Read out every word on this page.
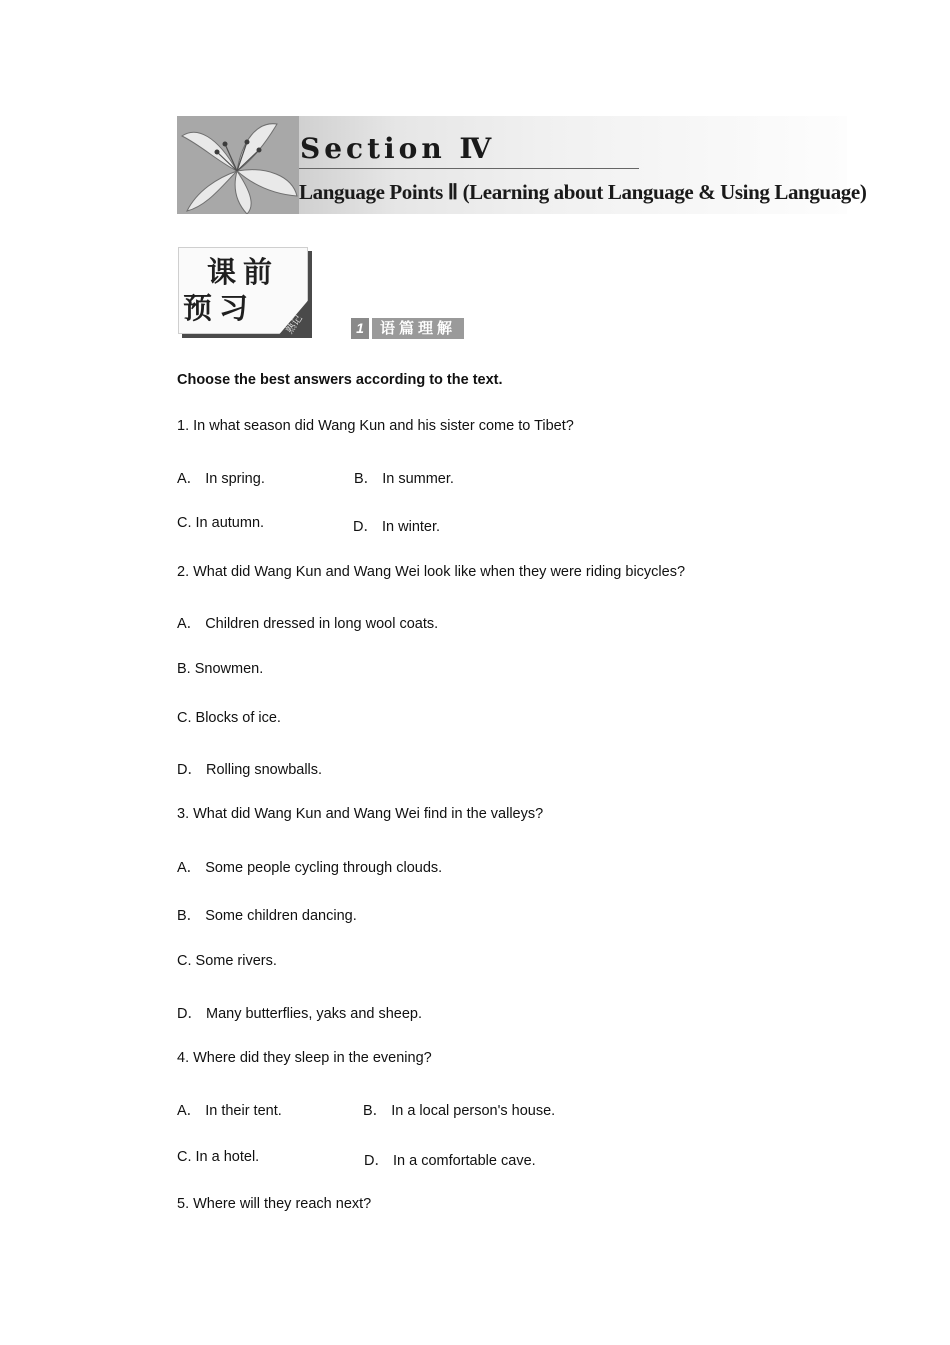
Section Ⅳ
Language Points Ⅱ (Learning about Language & Using Language)
课前
预习	熟记	1	语篇理解

Choose the best answers according to the text.

1. In what season did Wang Kun and his sister come to Tibet?

A． In spring.	B． In summer.
C. In autumn.	D． In winter.

2. What did Wang Kun and Wang Wei look like when they were riding bicycles?

A． Children dressed in long wool coats.

B. Snowmen.

C. Blocks of ice.

D． Rolling snowballs.

3. What did Wang Kun and Wang Wei find in the valleys?

A． Some people cycling through clouds.

B． Some children dancing.

C. Some rivers.

D． Many butterflies, yaks and sheep.

4. Where did they sleep in the evening?

A． In their tent.	B． In a local person's house.
C. In a hotel.	D． In a comfortable cave.

5. Where will they reach next?
